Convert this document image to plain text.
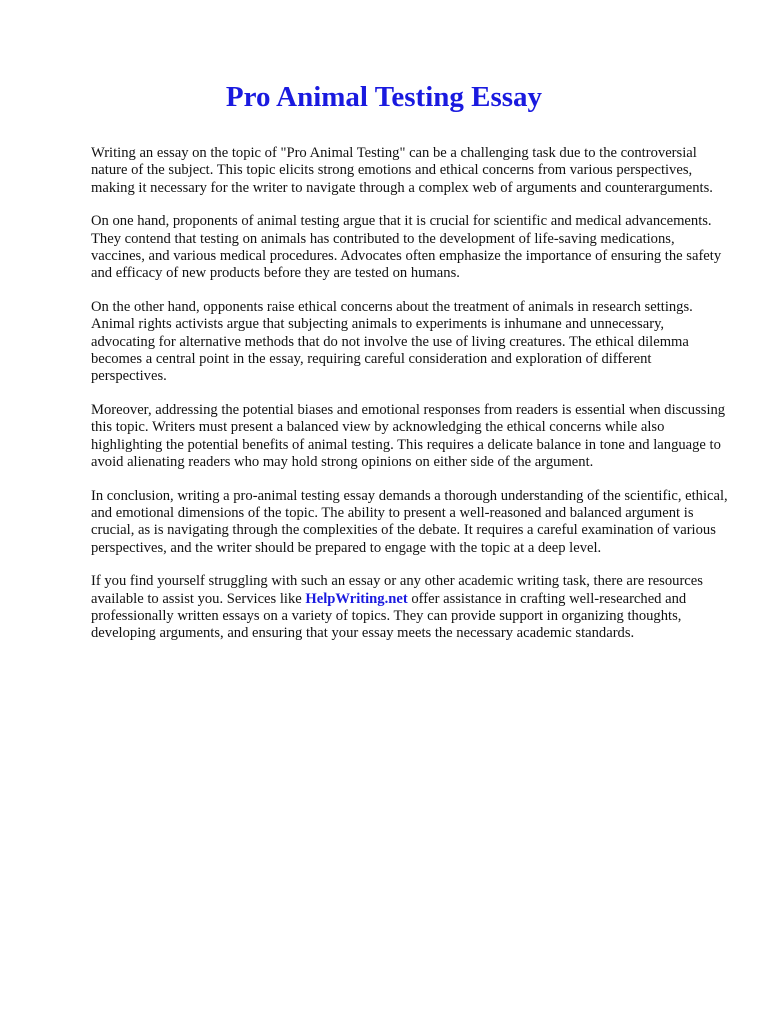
Pro Animal Testing Essay

Writing an essay on the topic of "Pro Animal Testing" can be a challenging task due to the controversial nature of the subject. This topic elicits strong emotions and ethical concerns from various perspectives, making it necessary for the writer to navigate through a complex web of arguments and counterarguments.

On one hand, proponents of animal testing argue that it is crucial for scientific and medical advancements. They contend that testing on animals has contributed to the development of life-saving medications, vaccines, and various medical procedures. Advocates often emphasize the importance of ensuring the safety and efficacy of new products before they are tested on humans.

On the other hand, opponents raise ethical concerns about the treatment of animals in research settings. Animal rights activists argue that subjecting animals to experiments is inhumane and unnecessary, advocating for alternative methods that do not involve the use of living creatures. The ethical dilemma becomes a central point in the essay, requiring careful consideration and exploration of different perspectives.

Moreover, addressing the potential biases and emotional responses from readers is essential when discussing this topic. Writers must present a balanced view by acknowledging the ethical concerns while also highlighting the potential benefits of animal testing. This requires a delicate balance in tone and language to avoid alienating readers who may hold strong opinions on either side of the argument.

In conclusion, writing a pro-animal testing essay demands a thorough understanding of the scientific, ethical, and emotional dimensions of the topic. The ability to present a well-reasoned and balanced argument is crucial, as is navigating through the complexities of the debate. It requires a careful examination of various perspectives, and the writer should be prepared to engage with the topic at a deep level.

If you find yourself struggling with such an essay or any other academic writing task, there are resources available to assist you. Services like HelpWriting.net offer assistance in crafting well-researched and professionally written essays on a variety of topics. They can provide support in organizing thoughts, developing arguments, and ensuring that your essay meets the necessary academic standards.
